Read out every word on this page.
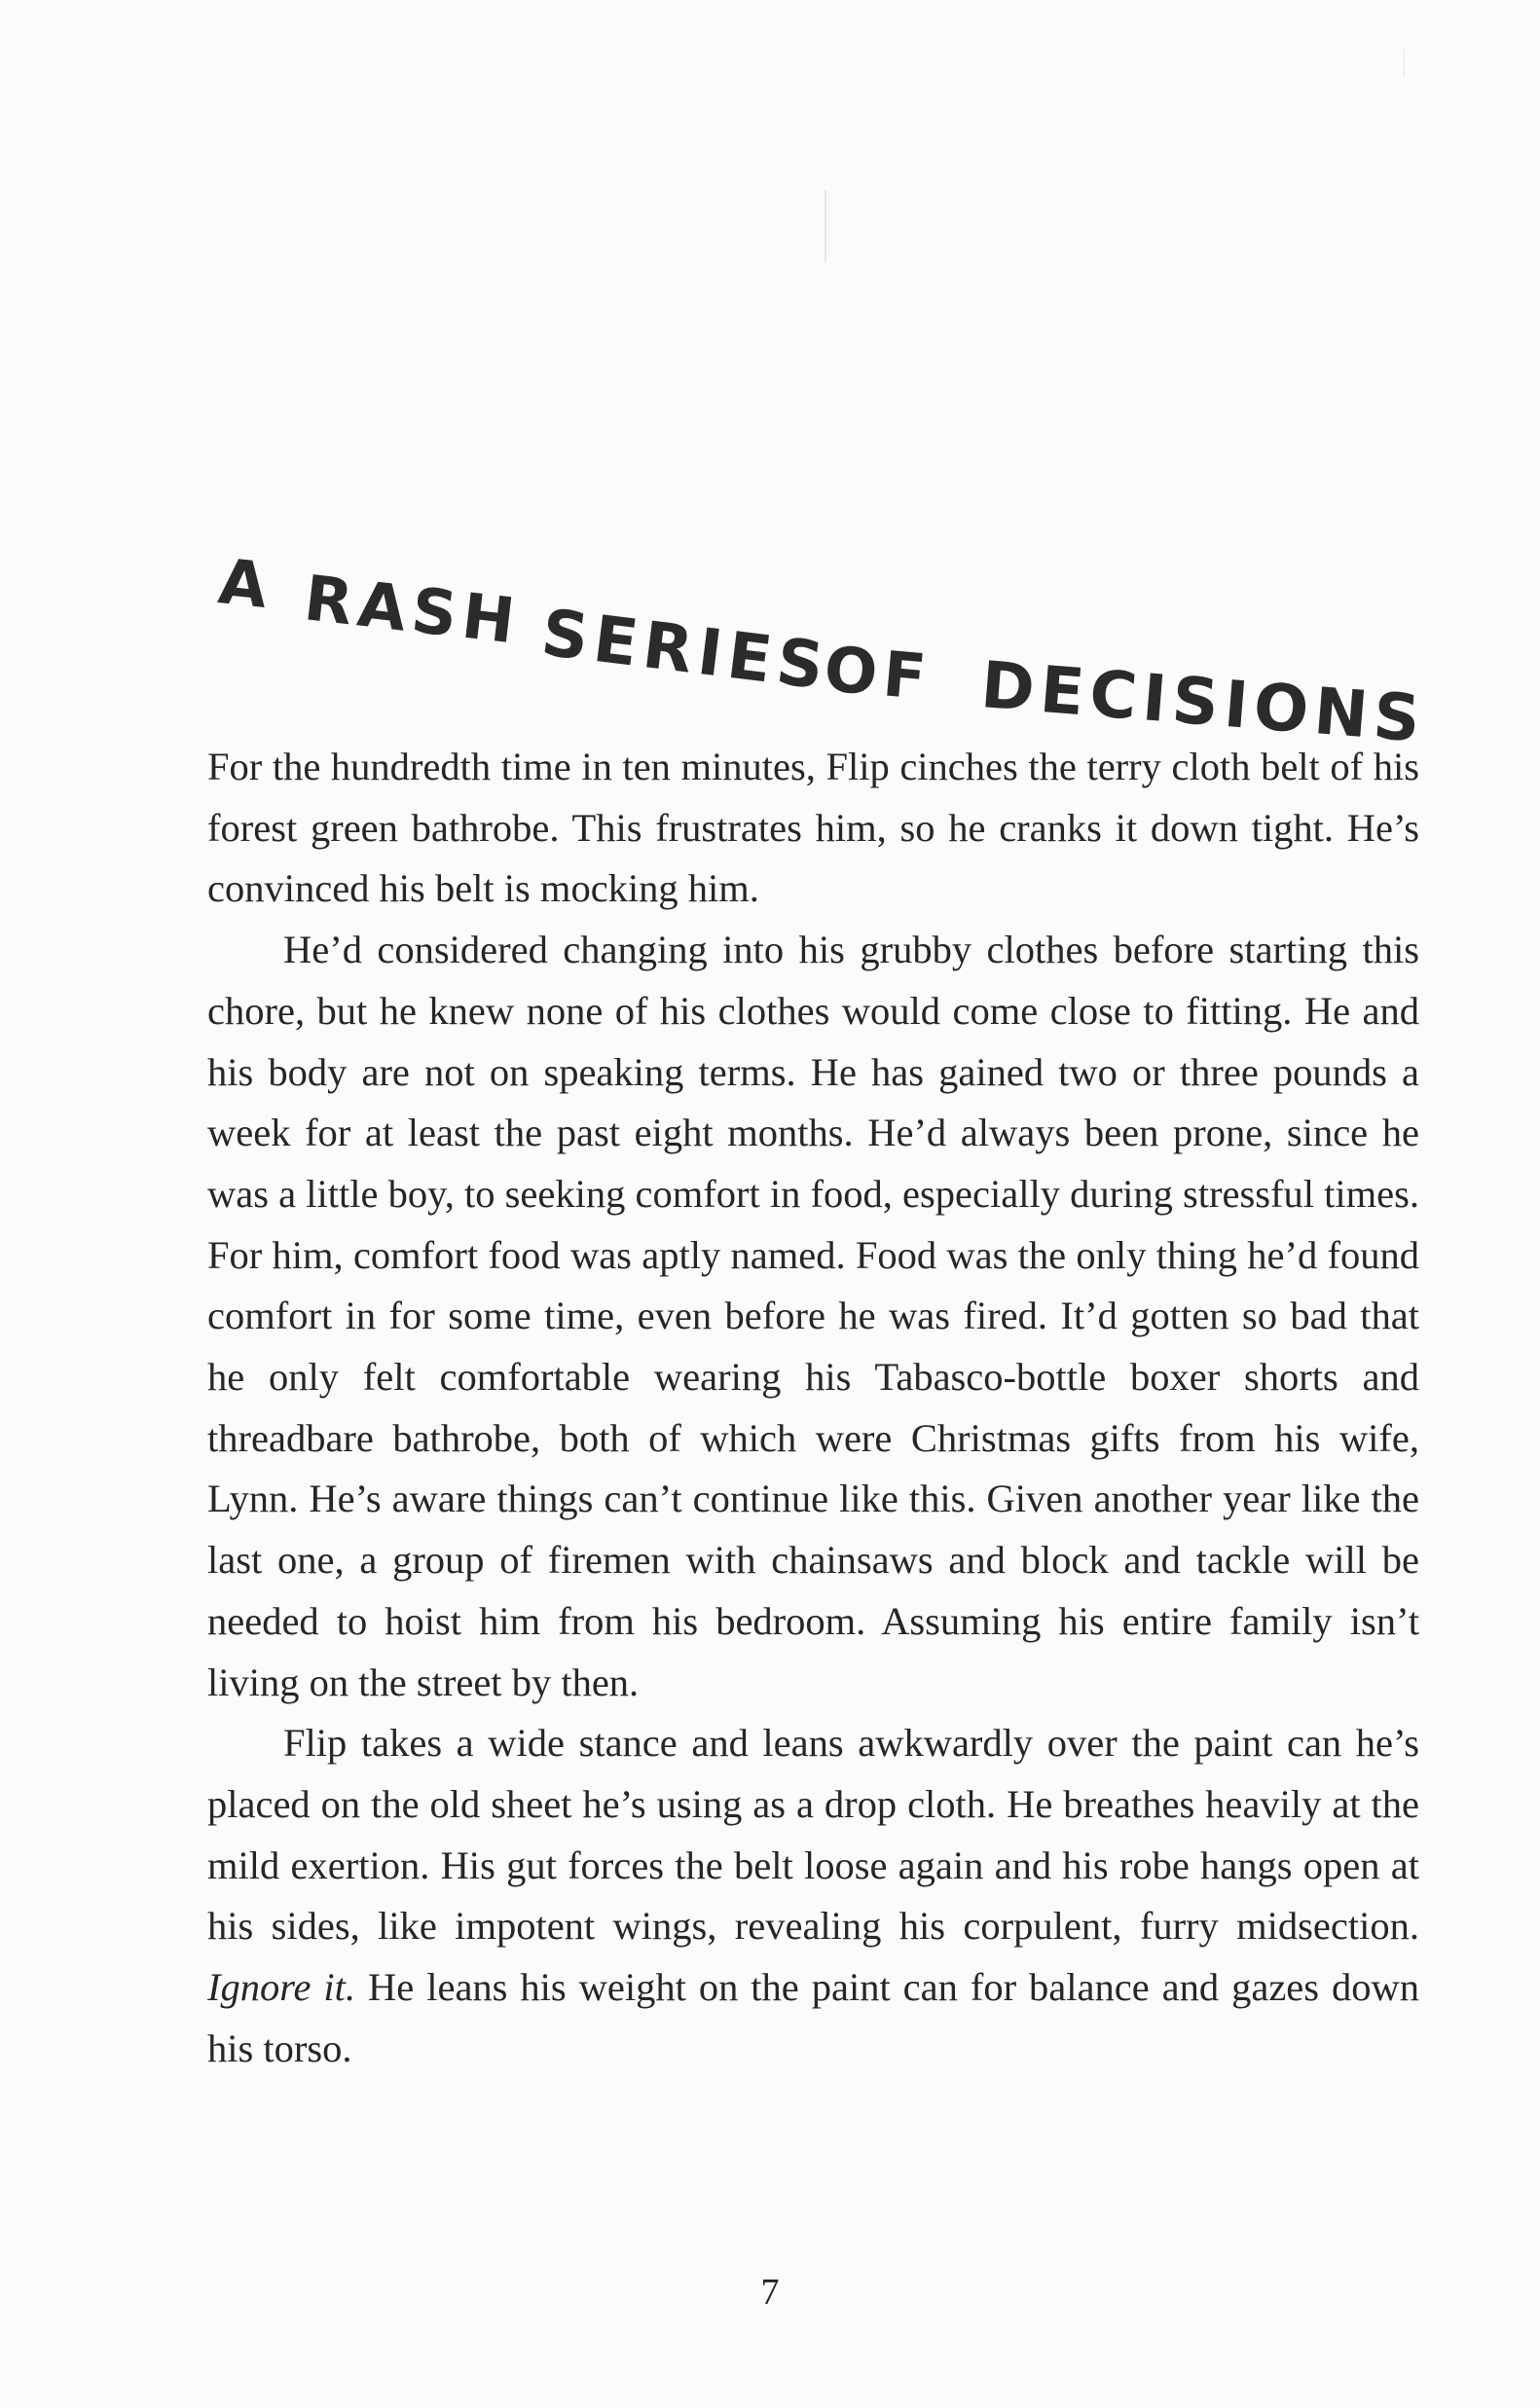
A RASH SERIES
OF DECISIONS

For the hundredth time in ten minutes, Flip cinches the terry cloth belt of his forest green bathrobe. This frustrates him, so he cranks it down tight. He’s convinced his belt is mocking him.

He’d considered changing into his grubby clothes before starting this chore, but he knew none of his clothes would come close to fitting. He and his body are not on speaking terms. He has gained two or three pounds a week for at least the past eight months. He’d always been prone, since he was a little boy, to seeking comfort in food, especially during stressful times. For him, comfort food was aptly named. Food was the only thing he’d found comfort in for some time, even before he was fired. It’d gotten so bad that he only felt comfortable wearing his Tabasco-bottle boxer shorts and threadbare bathrobe, both of which were Christmas gifts from his wife, Lynn. He’s aware things can’t continue like this. Given another year like the last one, a group of firemen with chainsaws and block and tackle will be needed to hoist him from his bedroom. Assuming his entire family isn’t living on the street by then.

Flip takes a wide stance and leans awkwardly over the paint can he’s placed on the old sheet he’s using as a drop cloth. He breathes heavily at the mild exertion. His gut forces the belt loose again and his robe hangs open at his sides, like impotent wings, revealing his corpulent, furry midsection. Ignore it. He leans his weight on the paint can for balance and gazes down his torso.

7
